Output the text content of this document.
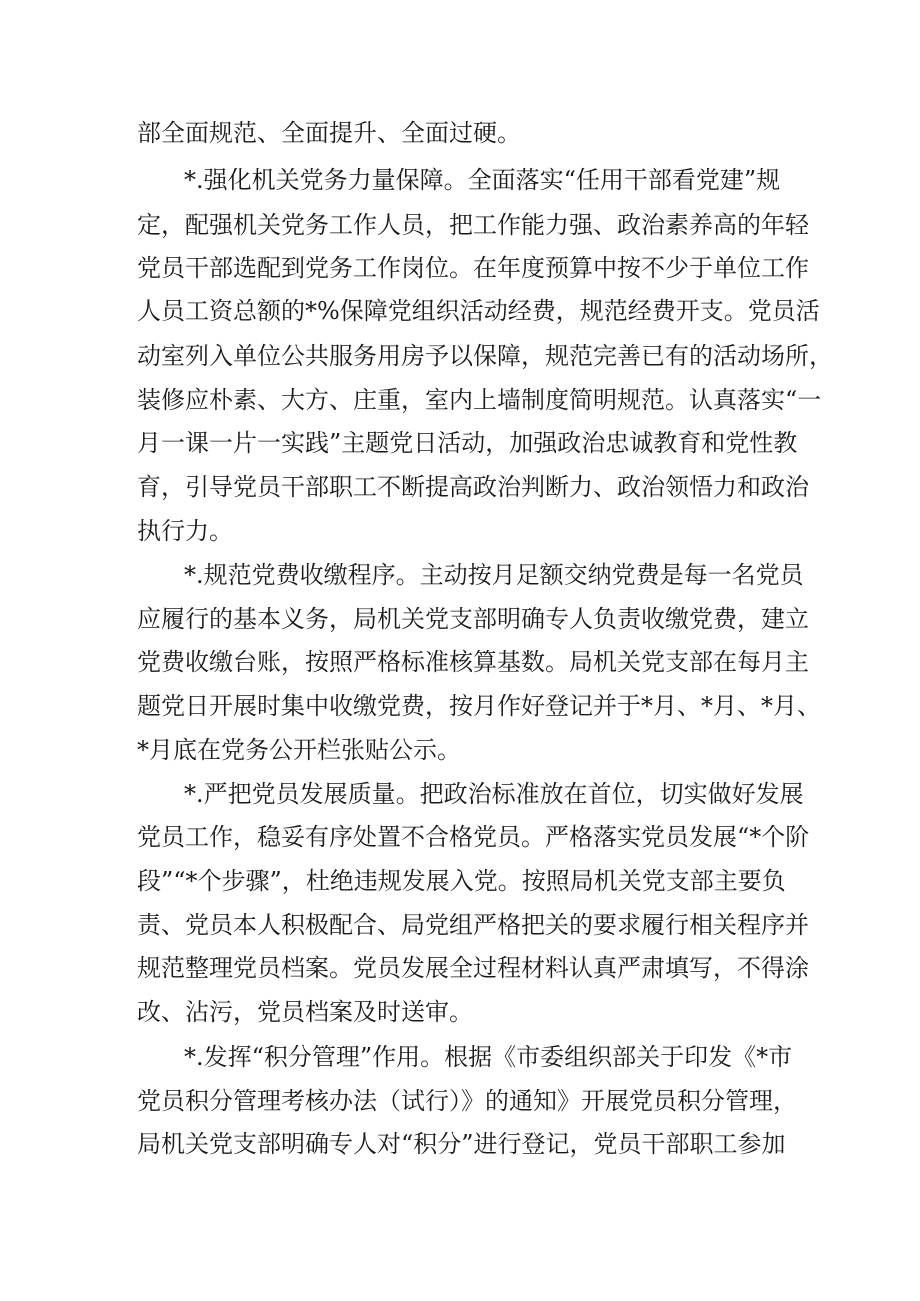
部全面规范、全面提升、全面过硬。
*.强化机关党务力量保障。全面落实“任用干部看党建”规
定，配强机关党务工作人员，把工作能力强、政治素养高的年轻
党员干部选配到党务工作岗位。在年度预算中按不少于单位工作
人员工资总额的*%保障党组织活动经费，规范经费开支。党员活
动室列入单位公共服务用房予以保障，规范完善已有的活动场所，
装修应朴素、大方、庄重，室内上墙制度简明规范。认真落实“一
月一课一片一实践”主题党日活动，加强政治忠诚教育和党性教
育，引导党员干部职工不断提高政治判断力、政治领悟力和政治
执行力。
*.规范党费收缴程序。主动按月足额交纳党费是每一名党员
应履行的基本义务，局机关党支部明确专人负责收缴党费，建立
党费收缴台账，按照严格标准核算基数。局机关党支部在每月主
题党日开展时集中收缴党费，按月作好登记并于*月、*月、*月、
*月底在党务公开栏张贴公示。
*.严把党员发展质量。把政治标准放在首位，切实做好发展
党员工作，稳妥有序处置不合格党员。严格落实党员发展“*个阶
段”“*个步骤”，杜绝违规发展入党。按照局机关党支部主要负
责、党员本人积极配合、局党组严格把关的要求履行相关程序并
规范整理党员档案。党员发展全过程材料认真严肃填写，不得涂
改、沾污，党员档案及时送审。
*.发挥“积分管理”作用。根据《市委组织部关于印发《*市
党员积分管理考核办法（试行）》的通知》开展党员积分管理，
局机关党支部明确专人对“积分”进行登记，党员干部职工参加
